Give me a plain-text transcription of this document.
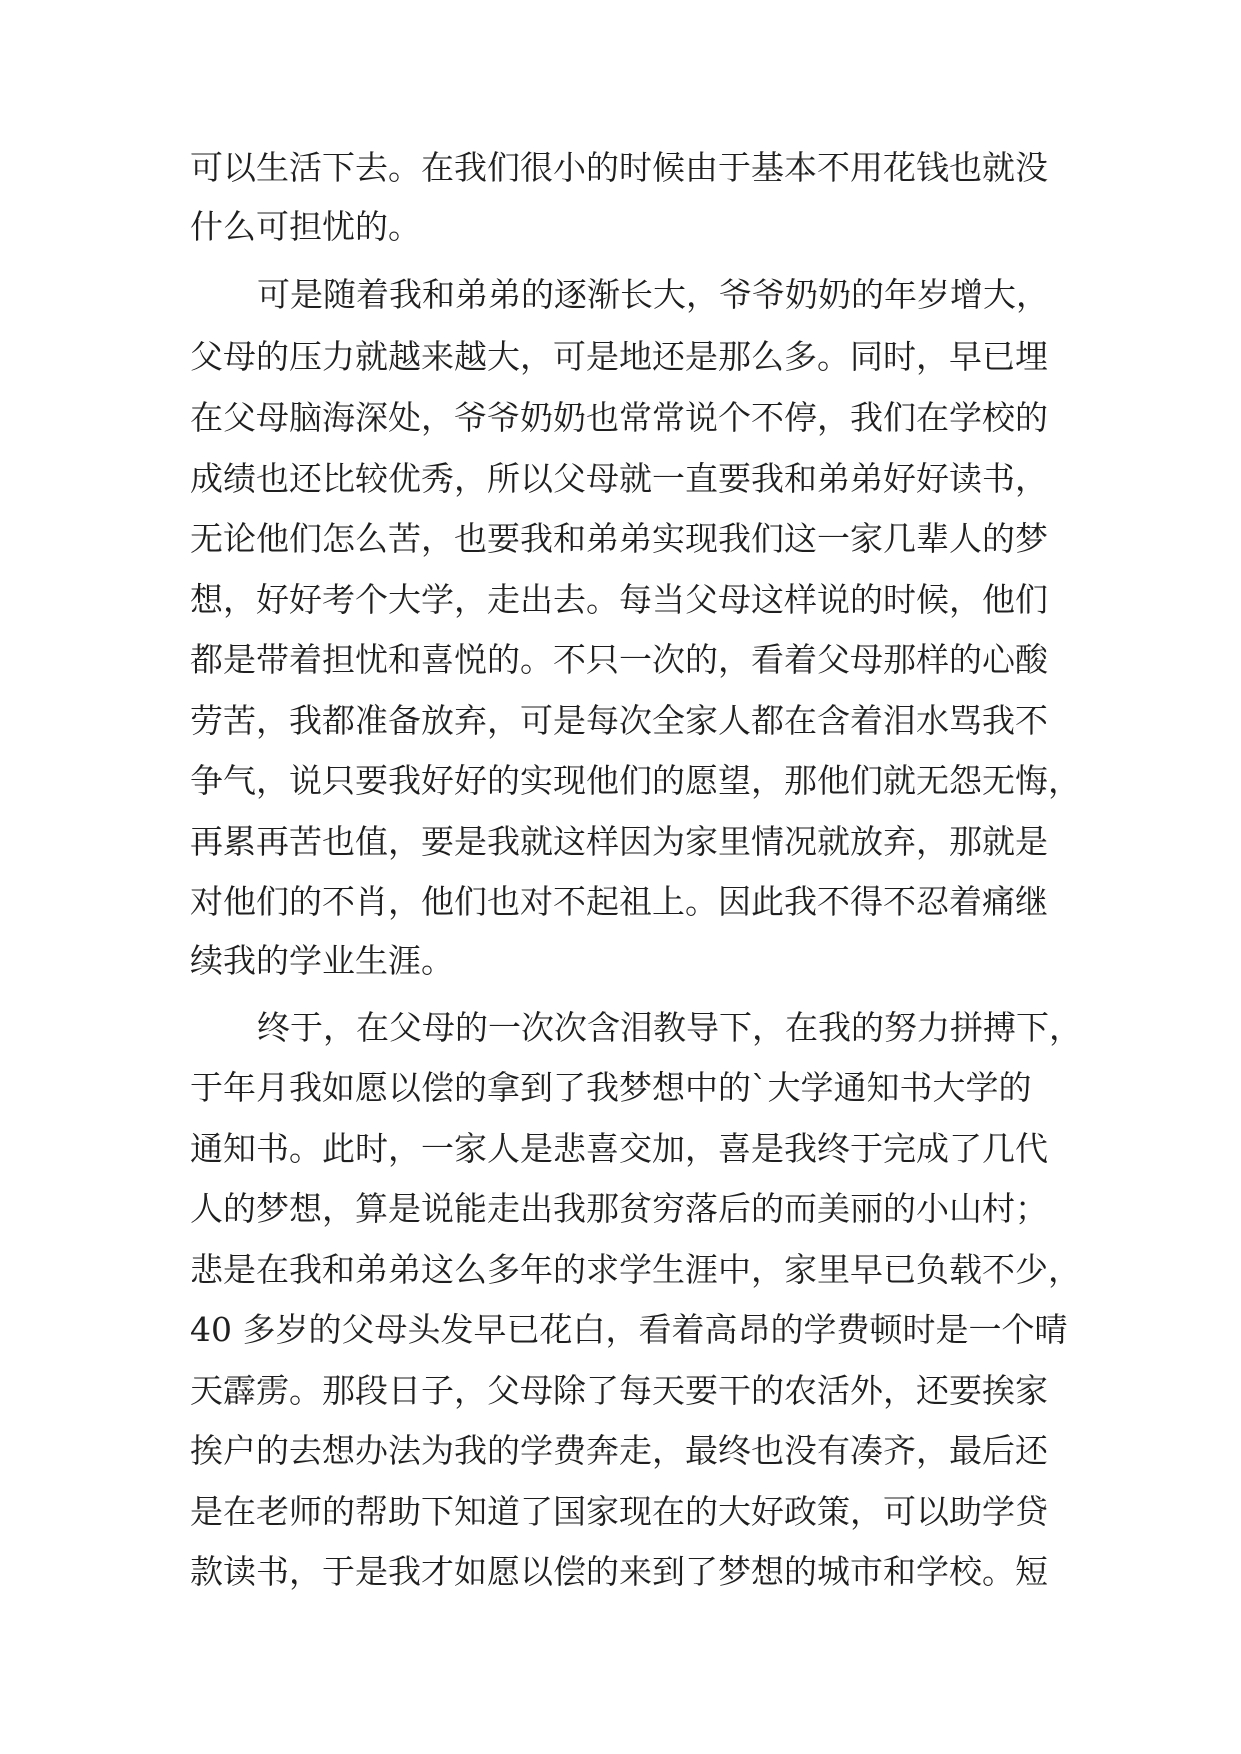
可以生活下去。在我们很小的时候由于基本不用花钱也就没
什么可担忧的。
可是随着我和弟弟的逐渐长大，爷爷奶奶的年岁增大，
父母的压力就越来越大，可是地还是那么多。同时，早已埋
在父母脑海深处，爷爷奶奶也常常说个不停，我们在学校的
成绩也还比较优秀，所以父母就一直要我和弟弟好好读书，
无论他们怎么苦，也要我和弟弟实现我们这一家几辈人的梦
想，好好考个大学，走出去。每当父母这样说的时候，他们
都是带着担忧和喜悦的。不只一次的，看着父母那样的心酸
劳苦，我都准备放弃，可是每次全家人都在含着泪水骂我不
争气，说只要我好好的实现他们的愿望，那他们就无怨无悔，
再累再苦也值，要是我就这样因为家里情况就放弃，那就是
对他们的不肖，他们也对不起祖上。因此我不得不忍着痛继
续我的学业生涯。
终于，在父母的一次次含泪教导下，在我的努力拼搏下，
于年月我如愿以偿的拿到了我梦想中的`大学通知书大学的
通知书。此时，一家人是悲喜交加，喜是我终于完成了几代
人的梦想，算是说能走出我那贫穷落后的而美丽的小山村；
悲是在我和弟弟这么多年的求学生涯中，家里早已负载不少，
40 多岁的父母头发早已花白，看着高昂的学费顿时是一个晴
天霹雳。那段日子，父母除了每天要干的农活外，还要挨家
挨户的去想办法为我的学费奔走，最终也没有凑齐，最后还
是在老师的帮助下知道了国家现在的大好政策，可以助学贷
款读书，于是我才如愿以偿的来到了梦想的城市和学校。短
